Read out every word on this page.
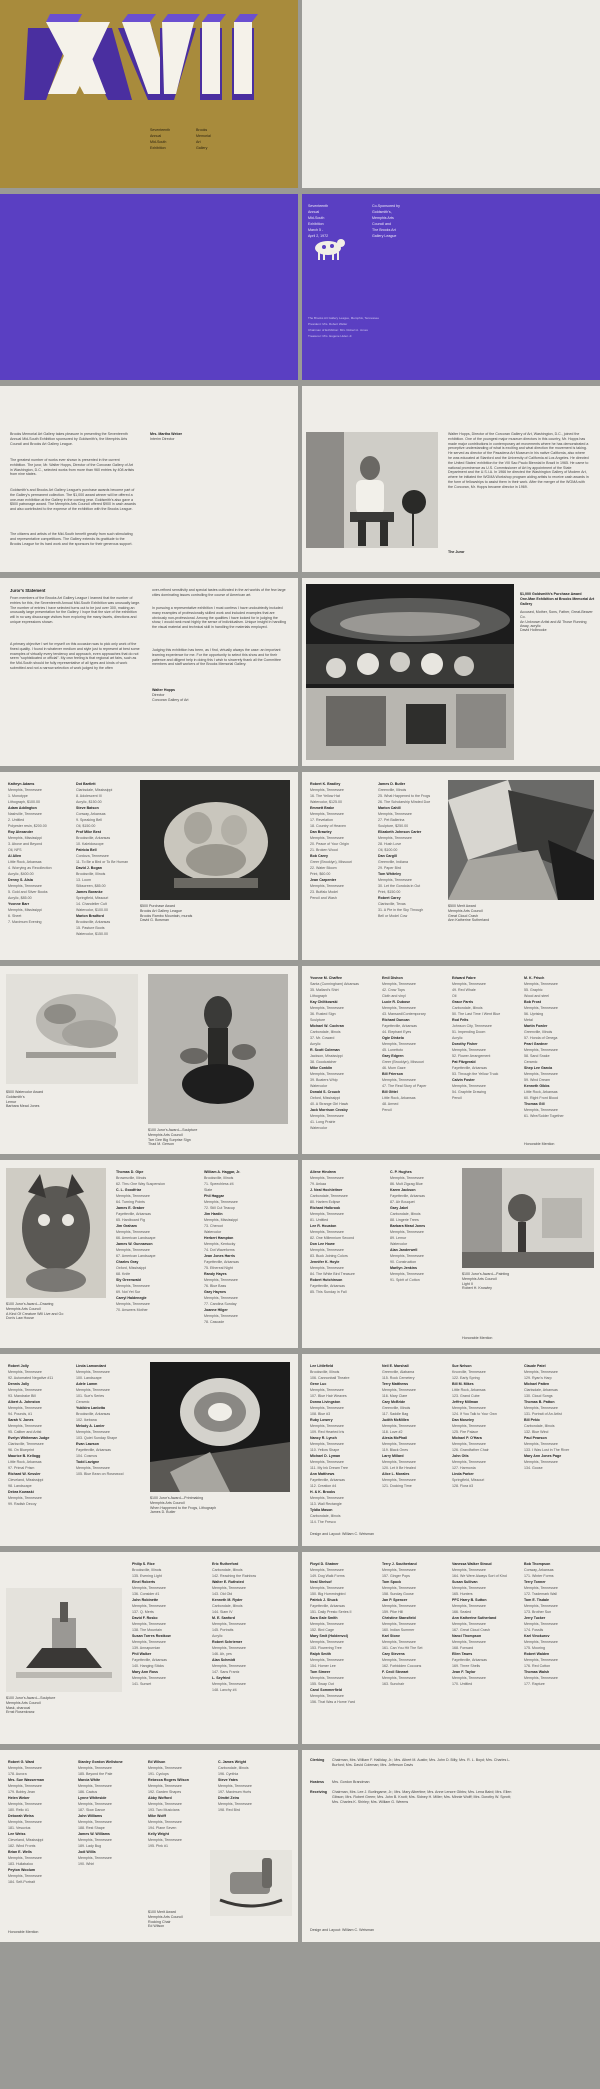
Seventeenth

Annual

Mid-South

Exhibition

Brooks

Memorial

Art

Gallery

Seventeenth

Annual

Mid-South

Exhibition

March 5 -

April 2, 1972

Co-Sponsored by

Goldsmith's,

Memphis Arts

Council and

The Brooks Art

Gallery League

The Brooks Art Gallery League, Memphis, Tennessee

President: Mrs. Robert Weller

Chairman of Exhibition: Mrs. Robert A. Jones

Treasurer: Mrs. Eugene Hulen Jr.

Brooks Memorial Art Gallery takes pleasure in presenting the Seventeenth Annual Mid-South Exhibition sponsored by Goldsmith's, the Memphis Arts Council and Brooks Art Gallery League.

The greatest number of works ever shown is presented in the current exhibition. The juror, Mr. Walter Hopps, Director of the Corcoran Gallery of Art in Washington, D.C., selected works from more than 960 entries by 408 artists from nine states.

Goldsmith's and Brooks Art Gallery League's purchase awards become part of the Gallery's permanent collection. The $1,000 award winner will be offered a one-man exhibition at the Gallery in the coming year. Goldsmith's also gave a $500 patronage award. The Memphis Arts Council offered $900 in cash awards and also contributed to the expense of the exhibition with the Brooks League.

The citizens and artists of the Mid-South benefit greatly from such stimulating and representative competitions. The Gallery extends its gratitude to the Brooks League for its hard work and the sponsors for their generous support.

Mrs. Martha Weber

Interim Director

Walter Hopps, Director of the Corcoran Gallery of Art, Washington, D.C., joined the exhibition. One of the youngest major museum directors in this country, Mr. Hopps has made major contributions in contemporary art movements where he has demonstrated a perceptive understanding of what is exciting and what direction the movement is taking. He served as director of the Pasadena Art Museum in his native California, also where he was educated at Stanford and the University of California at Los Angeles. He directed the United States' exhibition for the VIII Sao Paulo Biennial in Brazil in 1965. He came to national prominence as U.S. Commissioner of Art by appointment of the State Department and the U.S.I.A. In 1966 he directed the Washington Gallery of Modern Art, where he initiated the WGMA Workshop program aiding artists to receive cash awards in the form of fellowships to assist them in their work. After the merger of the WGMA with the Corcoran, Mr. Hopps became director in 1969.

The Juror

Juror's Statement

From members of the Brooks Art Gallery League I learned that the number of entries for this, the Seventeenth Annual Mid-South Exhibition was unusually large. The number of entries I have selected turns out to be just over 300, making an unusually large presentation for the Gallery. I hope that the size of the exhibition will in no way discourage visitors from exploring the many facets, directions and unique expressions shown.

A primary objective I set for myself on this occasion was to pick only work of the finest quality. I found in whatever medium and style just to represent at best some examples of virtually every tendency and approach, even approaches that do not seem "sophisticated or official". My own feeling is that regional art fairs, such as the Mid-South should be fully representative of all types and kinds of work submitted and not a narrow selection of work judged by the often

over-refined sensitivity and special tastes cultivated in the art worlds of the few large cities dominating issues controlling the course of American art.

In pursuing a representative exhibition I must confess I have undoubtedly included many examples of professionally skilled work and included examples that are obviously non-professional. Among the qualities I have looked for in judging the show, I would rank most highly the sense of individualism. Unique insight in handling the visual material and technical skill in handling the materials employed.

Judging this exhibition has been, as I find, virtually always the case: an important learning experience for me. For the opportunity to select this show and for their patience and diligent help in doing this I wish to sincerely thank all the Committee members and staff workers of the Brooks Memorial Gallery.

Walter Hopps

Director

Corcoran Gallery of Art

$1,000 Goldsmith's Purchase Award
One-Man Exhibition at Brooks Memorial Art Gallery

Accused, Mother, Sons, Father, Great-Beaver Co.
An Unknown Artist and All Those Running Away, acrylic

David Holbrooke

Kathryn Adams

Memphis, Tennessee

1. Monotype

Lithograph, $100.00

Adam Addington

Nashville, Tennessee

2. Untitled

Polyester resin, $200.00

Roy Alexander

Memphis, Mississippi

3. Above and Beyond

Oil, NFS

Al Allen

Little Rock, Arkansas

4. Worrying as Recollection

Acrylic, $400.00

Denny S. Alsia

Memphis, Tennessee

5. Gold and Silver Books

Acrylic, $85.00

Yvonne Barr

Memphis, Mississippi

6. Sheet

7. Maximum Evening

Dot Bartlett

Clarksdale, Mississippi

8. Adolescent III

Acrylic, $150.00

Steve Batson

Conway, Arkansas

9. Speaking Bell

Oil, $150.00

Prof Mike Best

Brooksville, Arkansas

10. Kaleidoscope

Patricia Bell

Cordova, Tennessee

11. To Be a Bird or To Be Human

David J. Bogan

Brooksville, Illinois

13. Loom

Silkscreen, $85.00

James Boranke

Springfield, Missouri

14. Chandelier Cult

Watercolor, $100.00

Marion Bradford

Brooksville, Arkansas

15. Pasture Boots

Watercolor, $150.00

$500 Purchase Award
Brooks Art Gallery League
Brooks Rambo Mountain, murals
David G. Bowman

Robert K. Bradley

Memphis, Tennessee

16. The Yellow Hat

Watercolor, $125.00

Emmett Brake

Memphis, Tennessee

17. Revelation

18. Country of Heaven

Dan Brawley

Memphis, Tennessee

20. Peace of Your Origin

21. Broken Wood

Bob Carey

Greer (Brooklyn), Missouri

22. Water Bloom

Print, $60.00

Jean Carpenter

Memphis, Tennessee

23. Buffalo Model

Pencil and Wash

James D. Butler

Greenville, Illinois

25. What Happened to the Frogs

26. The Scholarship Minded Doe

Marion Cahill

Memphis, Tennessee

27. Pet Ballerina

Sculpture, $250.00

Elizabeth Johnson Carter

Memphis, Tennessee

28. Hush Love

Oil, $100.00

Dan Cargill

Greenville, Indiana

29. Paper Bird

Tom Whiteley

Memphis, Tennessee

30. Let the Gondola in Out

Print, $150.00

Robert Carey

Clarksville, Texas

31. A Pie in the Sky Through

Bell or Model Cow

$500 Merit Award
Memphis Arts Council
Great Cloud Crash
Ann Katherine Sutherland

$500 Watercolor Award
Goldsmith's
Lemur
Barbara Mead Jones

$100 Juror's Award—Sculpture
Memphis Arts Council
Tarr Gee Big Surprise Sign
Thad M. Gerson

Yvonne M. Chaffee

Santa (Cunningham) Arkansas

35. Mallard's Shirt

Lithograph

Kay Chiltkowski

Memphis, Tennessee

36. Rusted Sign

Sculpture

Michael W. Cochran

Carbondale, Illinois

37. Mr. Coward

Acrylic

R. Scott Coleman

Jackson, Mississippi

38. Goodcatcher

Mike Conklin

Memphis, Tennessee

39. Boaters Whip

Watercolor

Donald S. Crouch

Oxford, Mississippi

40. A Strange Girl Hawk

Jack Morrison Crosby

Memphis, Tennessee

41. Long Prairie

Watercolor

Emil Dishon

Memphis, Tennessee

42. Crow Tops

Cloth and vinyl

Lucie R. Dubose

Memphis, Tennessee

43. Mansard/Contemporary

Richard Duncan

Fayetteville, Arkansas

44. Elephant Eyes

Ogie Dinkelo

Memphis, Tennessee

45. Lunettoto

Gary Edgren

Greer (Brooklyn), Missouri

46. Mum Gaze

Bill Frierson

Memphis, Tennessee

47. The Real Story of Paper

Bill Gittel

Little Rock, Arkansas

48. Armed

Pencil

Edward Fabre

Memphis, Tennessee

49. Red Whale

Oil

Grace Farris

Carbondale, Illinois

50. The Last Time I Went Blue

Rod Felts

Johnson City, Tennessee

51. Impending Doom

Acrylic

Dorothy Fisher

Memphis, Tennessee

52. Flower Arrangement

Pat Fitzgerald

Fayetteville, Arkansas

53. Through the Yellow Truck

Calvin Foster

Memphis, Tennessee

54. Graphite Drawing

Pencil

M. K. Frisch

Memphis, Tennessee

55. Graphic

Wood and steel

Bob Frost

Memphis, Tennessee

56. Uprising

Metal

Martin Fowler

Greenville, Illinois

57. Honda of Omega

Pearl Gardner

Memphis, Tennessee

58. Sand Snake

Ceramic

Shep Lee Garcia

Memphis, Tennessee

59. Wind Dream

Kenneth Gibbs

Little Rock, Arkansas

60. Right Front Blood

Thomas Gill

Memphis, Tennessee

61. Wire/Solder Together

Honorable Mention

$100 Juror's Award—Drawing
Memphis Arts Council
A Kind Of Creature Will Live and Go
Don's Law House

Thomas D. Gipe

Brownsville, Illinois

62. Thru One Way Suspension

C. L. Goodfriar

Memphis, Tennessee

64. Turning Points

James E. Graber

Fayetteville, Arkansas

65. Hardboard Fig

Jim Graham

Memphis, Tennessee

66. American Landscape

James W. Gunnarson

Memphis, Tennessee

67. American Landscape

Charles Gray

Oxford, Mississippi

68. Knife

Sly Greenwald

Memphis, Tennessee

69. Not Yet Sur

Carryl Haldenegle

Memphis, Tennessee

70. Answers Mother

William A. Haggar, Jr.

Brooksville, Illinois

71. Speechless #4

Slate

Phil Haggar

Memphis, Tennessee

72. Still Cut Teacup

Jim Hardin

Memphis, Mississippi

73. Cheroot

Watercolor

Herbert Hampton

Memphis, Kentucky

74. Dot Waveforms

Jean Jones Harris

Fayetteville, Arkansas

75. Ethereal Night

Randy Hayes

Memphis, Tennessee

76. Blue Bass

Gary Haynes

Memphis, Tennessee

77. Carolina Sunday

Joanne Hilger

Memphis, Tennessee

78. Cascade

Allene Hindrew

Memphis, Tennessee

79. Ankaa

J. Neal Hochleitner

Carbondale, Tennessee

80. Harlem Eclipse

Richard Holbrook

Memphis, Tennessee

81. Untitled

Lee R. Houston

Memphis, Tennessee

82. One Millennium Second

Don Lee Howe

Memphis, Tennessee

83. Buck Joining Colors

Jennifer K. Hoyle

Memphis, Tennessee

84. The White Bird Treasure

Robert Hutchinson

Fayetteville, Arkansas

85. This Sunday in Fall

C. P. Hughes

Memphis, Tennessee

86. Mult Zigzag Blue

Karen Jackson

Fayetteville, Arkansas

87. Air Bouquet

Gary Jakel

Carbondale, Illinois

88. Lingerie Trees

Barbara Mead Jones

Memphis, Tennessee

89. Lemur

Watercolor

Alan Janderwell

Memphis, Tennessee

90. Construction

Marilyn Jenkins

Memphis, Tennessee

91. Spirit of Cotton

$100 Juror's Award—Painting
Memphis Arts Council
Light II
Robert H. Knowley

Honorable Mention

Robert Jolly

Memphis, Tennessee

92. Automated Negative #11

Dennis Jolly

Memphis, Tennessee

93. Mandrake Bill

Albert A. Johnston

Memphis, Tennessee

94. Pounds, #1

Sarah V. Jones

Memphis, Tennessee

95. Caliber and Artist

Evelyn Whiteman Judge

Clarksville, Tennessee

96. On Blueprint

Maurice B. Kellogg

Little Rock, Arkansas

97. Primal Prism

Richard W. Kessler

Cleveland, Mississippi

98. Landscape

Debra Kowaski

Memphis, Tennessee

99. Radish Decoy

Linda Lamondant

Memphis, Tennessee

100. Landscape

Adele Lamm

Memphis, Tennessee

101. Sue's Series

Ceramic

Yukikiro Lanlotta

Brooksville, Arkansas

102. Ikebana

Melody A. Lanier

Memphis, Tennessee

103. Quiet Sunday Shape

Evan Lawson

Fayetteville, Arkansas

104. Cosmos

Todd Lavigne

Memphis, Tennessee

105. Blue Bean on Rosewood

$100 Juror's Award—Printmaking
Memphis Arts Council
When Happened to the Frogs, Lithograph
James D. Butler

Lee Littlefield

Brooksville, Illinois

106. Cannonball Theatre

Gene Luc

Memphis, Tennessee

107. Blue Hair Weaves

Donna Livingston

Memphis, Tennessee

108. Blue #3

Ruby Lowery

Memphis, Tennessee

109. Red Hearted Iris

Nancy R. Lynch

Memphis, Tennessee

110. Yellow Shape

Michael D. Lyman

Memphis, Tennessee

111. My Ink Dream Tree

Ann Matthews

Fayetteville, Arkansas

112. Creation #4

H. & K. Brooks

Memphis, Tennessee

113. Wall Rectangle

Tyldia Mason

Carbondale, Illinois

114. The Fresco

Neil E. Marshall

Greenville, Alabama

115. Rock Cemetery

Terry Matthews

Memphis, Tennessee

116. Mary Clare

Cary McBride

Greenville, Illinois

117. Saddle Bag

Judith McMillen

Memphis, Tennessee

118. Love #2

Alesia McPhail

Memphis, Tennessee

119. Black Ones

Larry Millard

Memphis, Tennessee

120. Let It Be Healed

Alice L. Morales

Memphis, Tennessee

121. Docking Time

Sue Nelson

Knoxville, Tennessee

122. Early Spring

Bill M. Mikes

Little Rock, Arkansas

123. Grand Cube

Jeffrey Millman

Memphis, Tennessee

124. If You Talk to Your Own

Dan Moseley

Memphis, Tennessee

125. Fire Palace

Michael P. O'Hara

Memphis, Tennessee

126. Grandfather Chair

John Otis

Memphis, Tennessee

127. Harmonia

Linda Parker

Springfield, Missouri

128. Flora #3

Claude Patel

Memphis, Tennessee

129. Ryan's Harp

Michael Patten

Clarksdale, Arkansas

130. Cloud Songs

Thomas B. Patton

Memphis, Tennessee

131. Portrait of An Artist

Bill Pekic

Carbondale, Illinois

132. Blue Wind

Paul Pearson

Memphis, Tennessee

133. I Was Lost in The River

Mary Ann Jones Page

Memphis, Tennessee

134. Goose

Design and Layout: William C. Weisman

$100 Juror's Award—Sculpture
Memphis Arts Council
Mask, charcoal
Ernst Rosenkranz

Philip S. Rice

Brooksville, Illinois

135. Evening Light

Elnel Roberts

Memphis, Tennessee

136. Consider #1

John Robinette

Memphis, Tennessee

137. Q. Merts

David F. Rosko

Memphis, Tennessee

138. The Mountain

Susan Torres Rostkow

Memphis, Tennessee

139. Annapurnian

Phil Walker

Fayetteville, Arkansas

140. Hanging Sticks

Mary Ann Ross

Memphis, Tennessee

141. Sunset

Eric Rutherford

Carbondale, Illinois

142. Reaching the Rainbow

Walter E. Ruthsted

Memphis, Tennessee

143. Old Old

Kenneth M. Ryder

Carbondale, Illinois

144. Siam IV

M. E. Sanford

Memphis, Tennessee

145. Portraits

Acrylic

Robert Schriemer

Memphis, Tennessee

146. Ah, yes

Alan Schmidt

Memphis, Tennessee

147. Sans Frantz

L. Seyfried

Memphis, Tennessee

148. Lanchy #4

Floyd D. Shatner

Memphis, Tennessee

149. Dog Walk Forms

Neal Shelsof

Memphis, Tennessee

150. Big Hummingbird

Patrick J. Shuck

Fayetteville, Arkansas

151. Daily Presto Series II

Sara Gale Smith

Memphis, Tennessee

152. Bird Cage

Mary Smit (Holdenvol)

Memphis, Tennessee

153. Flowering Tree

Ralph Smith

Memphis, Tennessee

154. Homer Lee

Tom Simeer

Memphis, Tennessee

155. Swap Out

Carol Sommerfield

Memphis, Tennessee

156. That Was a Home Yard

Terry J. Southerland

Memphis, Tennessee

157. Ginger Pops

Tom Spock

Memphis, Tennessee

158. Sunday Goose

Jan P. Spencer

Memphis, Tennessee

159. Pike Hill

Christine Stansfield

Memphis, Tennessee

160. Indian Summer

Karl Stone

Memphis, Tennessee

161. Can You Hit The Set

Cary Stevens

Memphis, Tennessee

162. Forbidden Cocoons

F. Cecil Stewart

Memphis, Tennessee

163. Sunchair

Vanessa Walker Stroud

Memphis, Tennessee

164. We Were Always Sort of Kind

Susan Sullivan

Memphis, Tennessee

165. Hunters

PFC Harry B. Sutton

Memphis, Tennessee

166. Sealed

Ann Katherine Sutherland

Memphis, Tennessee

167. Great Cloud Crash

Nanci Thompson

Memphis, Tennessee

168. Forward

Ellen Tawes

Fayetteville, Arkansas

169. Three Shells

Jean F. Taylor

Memphis, Tennessee

170. Untitled

Bob Thompson

Conway, Arkansas

171. Winter Forms

Terry Tonner

Memphis, Tennessee

172. Trademark Wall

Tom E. Tisdale

Memphis, Tennessee

173. Brother Sun

Jerry Tucker

Memphis, Tennessee

174. Fossils

Karl Vinokurov

Memphis, Tennessee

175. Mooring

Robert Walden

Memphis, Tennessee

176. Red Cotton

Thomas Walsh

Memphis, Tennessee

177. Rapture

Robert G. Ward

Memphis, Tennessee

178. Aurora

Mrs. Sue Wasserman

Memphis, Tennessee

179. Bobby Jean

Helen Weber

Memphis, Tennessee

180. Relic #1

Deborah Weiss

Memphis, Tennessee

181. Vesuvius

Lee Weiss

Cleveland, Mississippi

182. Wind Fronts

Brian E. Wells

Memphis, Tennessee

183. Hullabaloo

Peyton Woolum

Memphis, Tennessee

184. Self-Portrait

Stanley Gordon Wellstone

Memphis, Tennessee

185. Beyond the Pale

Marcia White

Memphis, Tennessee

186. Cactus

Lynne Whiteside

Memphis, Tennessee

187. Slow Dance

John Williams

Memphis, Tennessee

188. Rest Shape

James W. Williams

Memphis, Tennessee

189. Lady Bug

Jodi Willis

Memphis, Tennessee

190. Whirl

Ed Wilson

Memphis, Tennessee

191. Cyclops

Rebecca Rogers Wilson

Memphis, Tennessee

192. Garden Shapes

Abby Wofford

Memphis, Tennessee

193. Two Musicians

Mike Wolff

Memphis, Tennessee

194. Plane Seven

Kelly Wright

Memphis, Tennessee

195. Pink #1

C. James Wright

Carbondale, Illinois

196. Cynthia

Steve Yates

Memphis, Tennessee

197. Maximum Hurts

Dimitri Zeira

Memphis, Tennessee

198. Red Bird

$100 Merit Award
Memphis Arts Council
Rocking Chair
Ed Wilson

Honorable Mention

Clerking Chairman, Mrs. William F. Halliday, Jr.; Mrs. Albert M. Austin; Mrs. John D. Billy; Mrs. R. L. Boyd; Mrs. Charles L. Burford; Mrs. David Coleman; Mrs. Jefferson Davis

Hostess Mrs. Gordon Brandman

Receiving Chairman, Mrs. Lee J. Burlingame, Jr.; Mrs. Mary Albertine; Mrs. Anne Lenore Gibbs; Mrs. Lena Baird; Mrs. Ellen Gibson; Mrs. Robert Green; Mrs. John B. Knott; Mrs. Sidney H. Miller; Mrs. Minnie Wolff; Mrs. Dorothy W. Sprott; Mrs. Charles K. Shirley; Mrs. William G. Weems

Design and Layout: William C. Weisman
